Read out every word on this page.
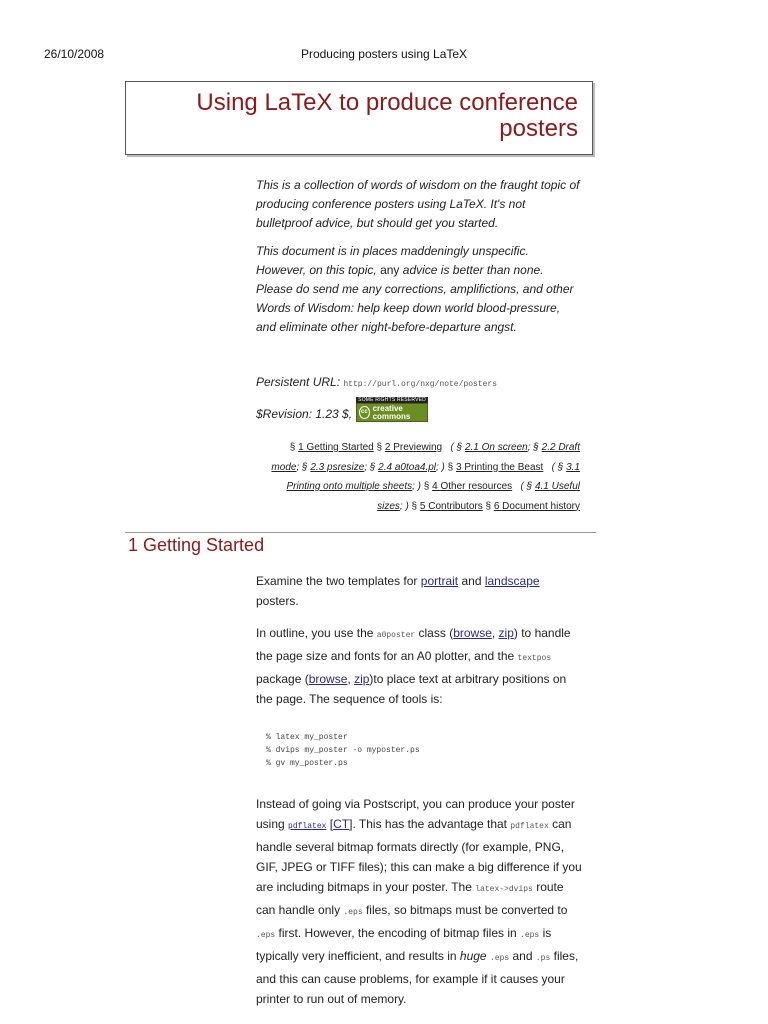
26/10/2008	Producing posters using LaTeX
Using LaTeX to produce conference
posters

This is a collection of words of wisdom on the fraught topic of producing conference posters using LaTeX. It's not bulletproof advice, but should get you started.

This document is in places maddeningly unspecific. However, on this topic, any advice is better than none. Please do send me any corrections, amplifictions, and other Words of Wisdom: help keep down world blood-pressure, and eliminate other night-before-departure angst.

Persistent URL: http://purl.org/nxg/note/posters
$Revision: 1.23 $,
SOME RIGHTS RESERVED
cc creative commons
§ 1 Getting Started § 2 Previewing ( § 2.1 On screen; § 2.2 Draft mode; § 2.3 psresize; § 2.4 a0toa4.pl; ) § 3 Printing the Beast ( § 3.1 Printing onto multiple sheets; ) § 4 Other resources ( § 4.1 Useful sizes; ) § 5 Contributors § 6 Document history
1 Getting Started

Examine the two templates for portrait and landscape posters.

In outline, you use the a0poster class (browse, zip) to handle the page size and fonts for an A0 plotter, and the textpos package (browse, zip)to place text at arbitrary positions on the page. The sequence of tools is:

% latex my_poster
% dvips my_poster -o myposter.ps
% gv my_poster.ps

Instead of going via Postscript, you can produce your poster using pdflatex [CT]. This has the advantage that pdflatex can handle several bitmap formats directly (for example, PNG, GIF, JPEG or TIFF files); this can make a big difference if you are including bitmaps in your poster. The latex->dvips route can handle only .eps files, so bitmaps must be converted to .eps first. However, the encoding of bitmap files in .eps is typically very inefficient, and results in huge .eps and .ps files, and this can cause problems, for example if it causes your printer to run out of memory.
